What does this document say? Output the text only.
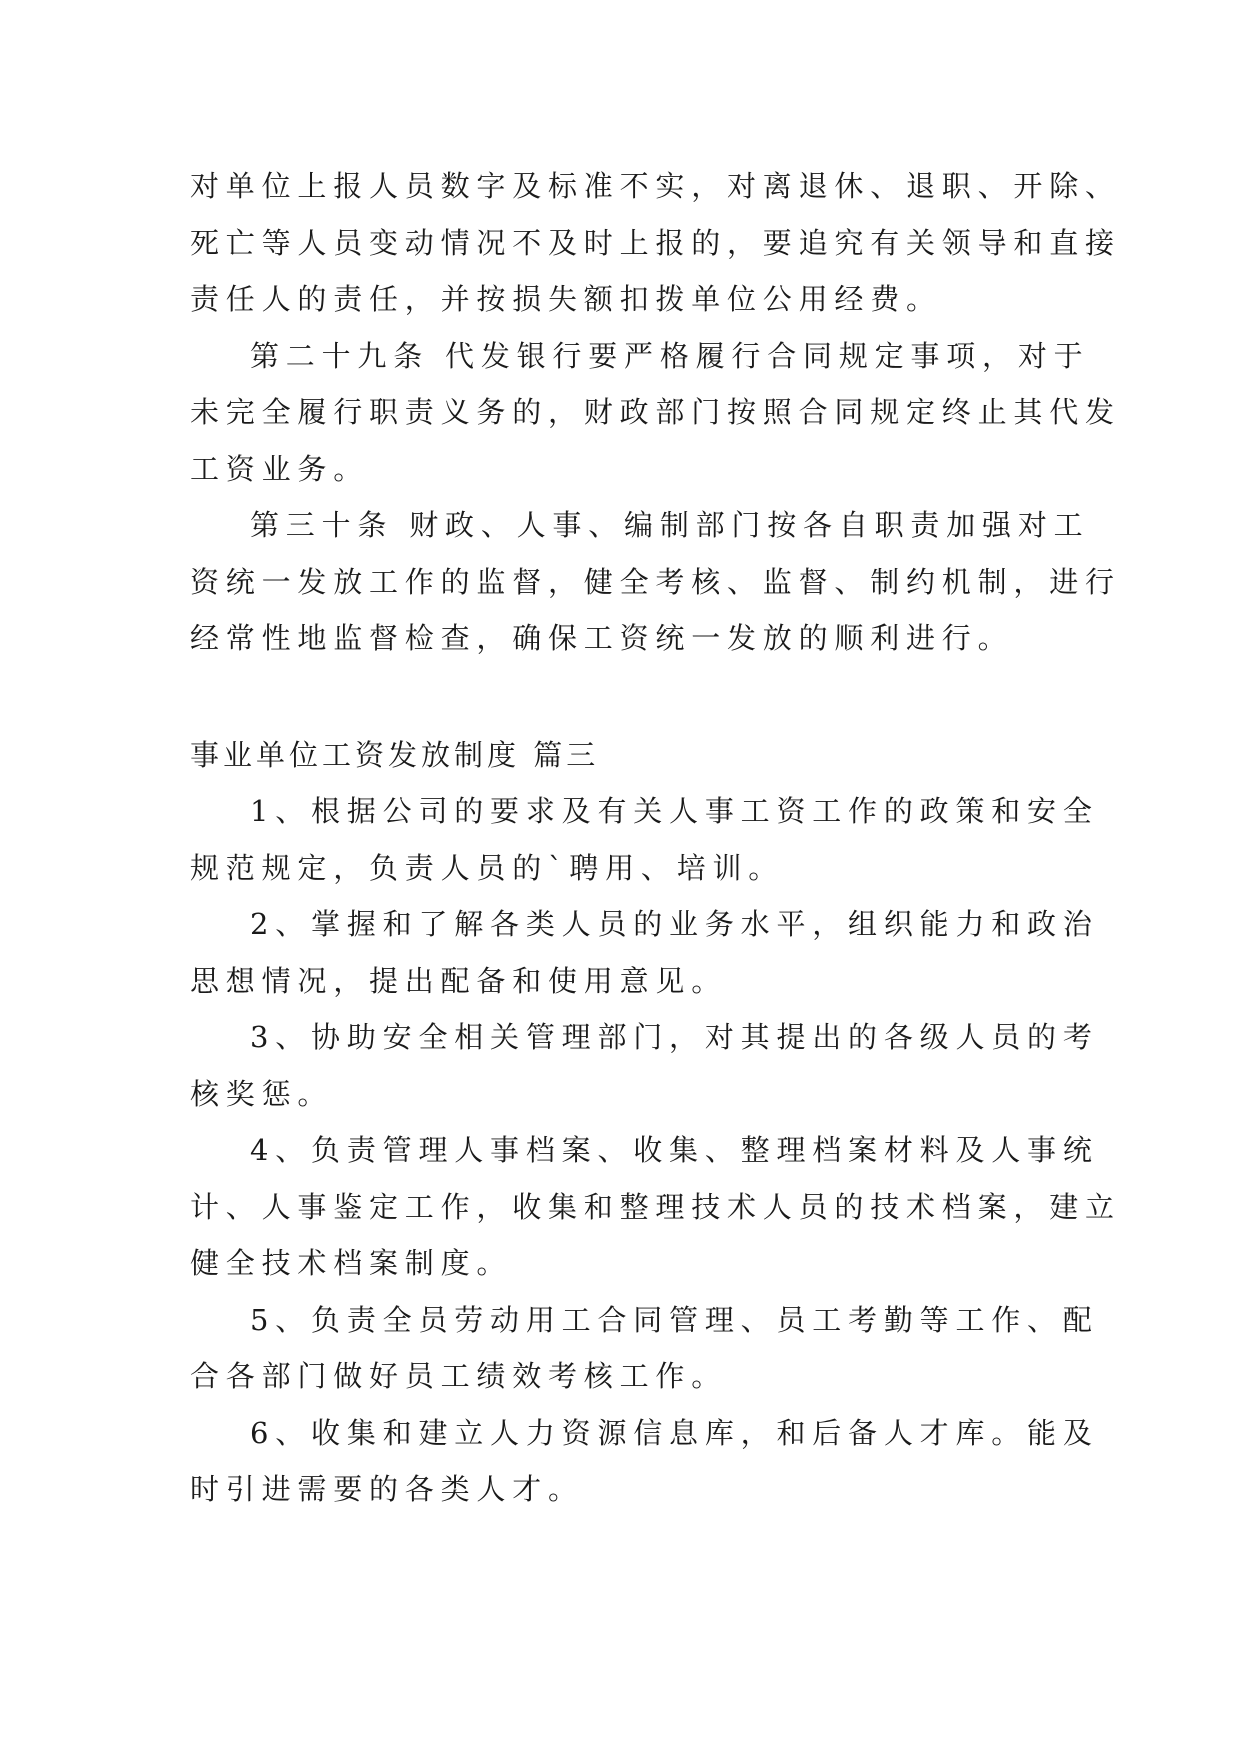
对单位上报人员数字及标准不实，对离退休、退职、开除、
死亡等人员变动情况不及时上报的，要追究有关领导和直接
责任人的责任，并按损失额扣拨单位公用经费。

第二十九条 代发银行要严格履行合同规定事项，对于
未完全履行职责义务的，财政部门按照合同规定终止其代发
工资业务。

第三十条 财政、人事、编制部门按各自职责加强对工
资统一发放工作的监督，健全考核、监督、制约机制，进行
经常性地监督检查，确保工资统一发放的顺利进行。

事业单位工资发放制度 篇三

1、根据公司的要求及有关人事工资工作的政策和安全
规范规定，负责人员的`聘用、培训。

2、掌握和了解各类人员的业务水平，组织能力和政治
思想情况，提出配备和使用意见。

3、协助安全相关管理部门，对其提出的各级人员的考
核奖惩。

4、负责管理人事档案、收集、整理档案材料及人事统
计、人事鉴定工作，收集和整理技术人员的技术档案，建立
健全技术档案制度。

5、负责全员劳动用工合同管理、员工考勤等工作、配
合各部门做好员工绩效考核工作。

6、收集和建立人力资源信息库，和后备人才库。能及
时引进需要的各类人才。
